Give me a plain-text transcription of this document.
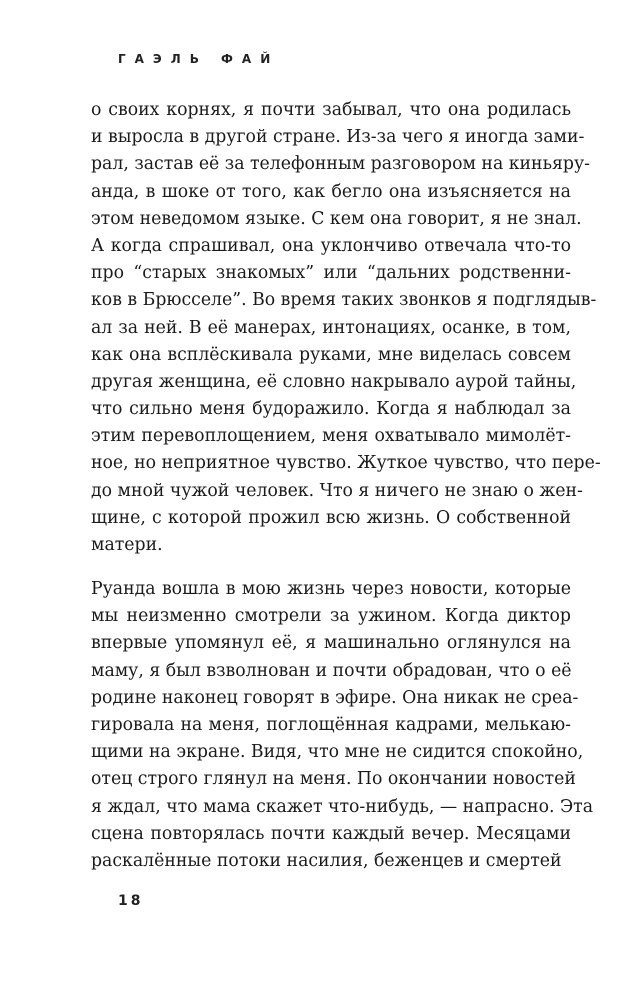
ГАЭЛЬ ФАЙ
о своих корнях, я почти забывал, что она родилась
и выросла в другой стране. Из-за чего я иногда зами-
рал, застав её за телефонным разговором на киньяру-
анда, в шоке от того, как бегло она изъясняется на
этом неведомом языке. С кем она говорит, я не знал.
А когда спрашивал, она уклончиво отвечала что-то
про “старых знакомых” или “дальних родственни-
ков в Брюсселе”. Во время таких звонков я подглядыв-
ал за ней. В её манерах, интонациях, осанке, в том,
как она всплёскивала руками, мне виделась совсем
другая женщина, её словно накрывало аурой тайны,
что сильно меня будоражило. Когда я наблюдал за
этим перевоплощением, меня охватывало мимолёт-
ное, но неприятное чувство. Жуткое чувство, что пере-
до мной чужой человек. Что я ничего не знаю о жен-
щине, с которой прожил всю жизнь. О собственной
матери.
Руанда вошла в мою жизнь через новости, которые
мы неизменно смотрели за ужином. Когда диктор
впервые упомянул её, я машинально оглянулся на
маму, я был взволнован и почти обрадован, что о её
родине наконец говорят в эфире. Она никак не среа-
гировала на меня, поглощённая кадрами, мелькаю-
щими на экране. Видя, что мне не сидится спокойно,
отец строго глянул на меня. По окончании новостей
я ждал, что мама скажет что-нибудь, — напрасно. Эта
сцена повторялась почти каждый вечер. Месяцами
раскалённые потоки насилия, беженцев и смертей
18
